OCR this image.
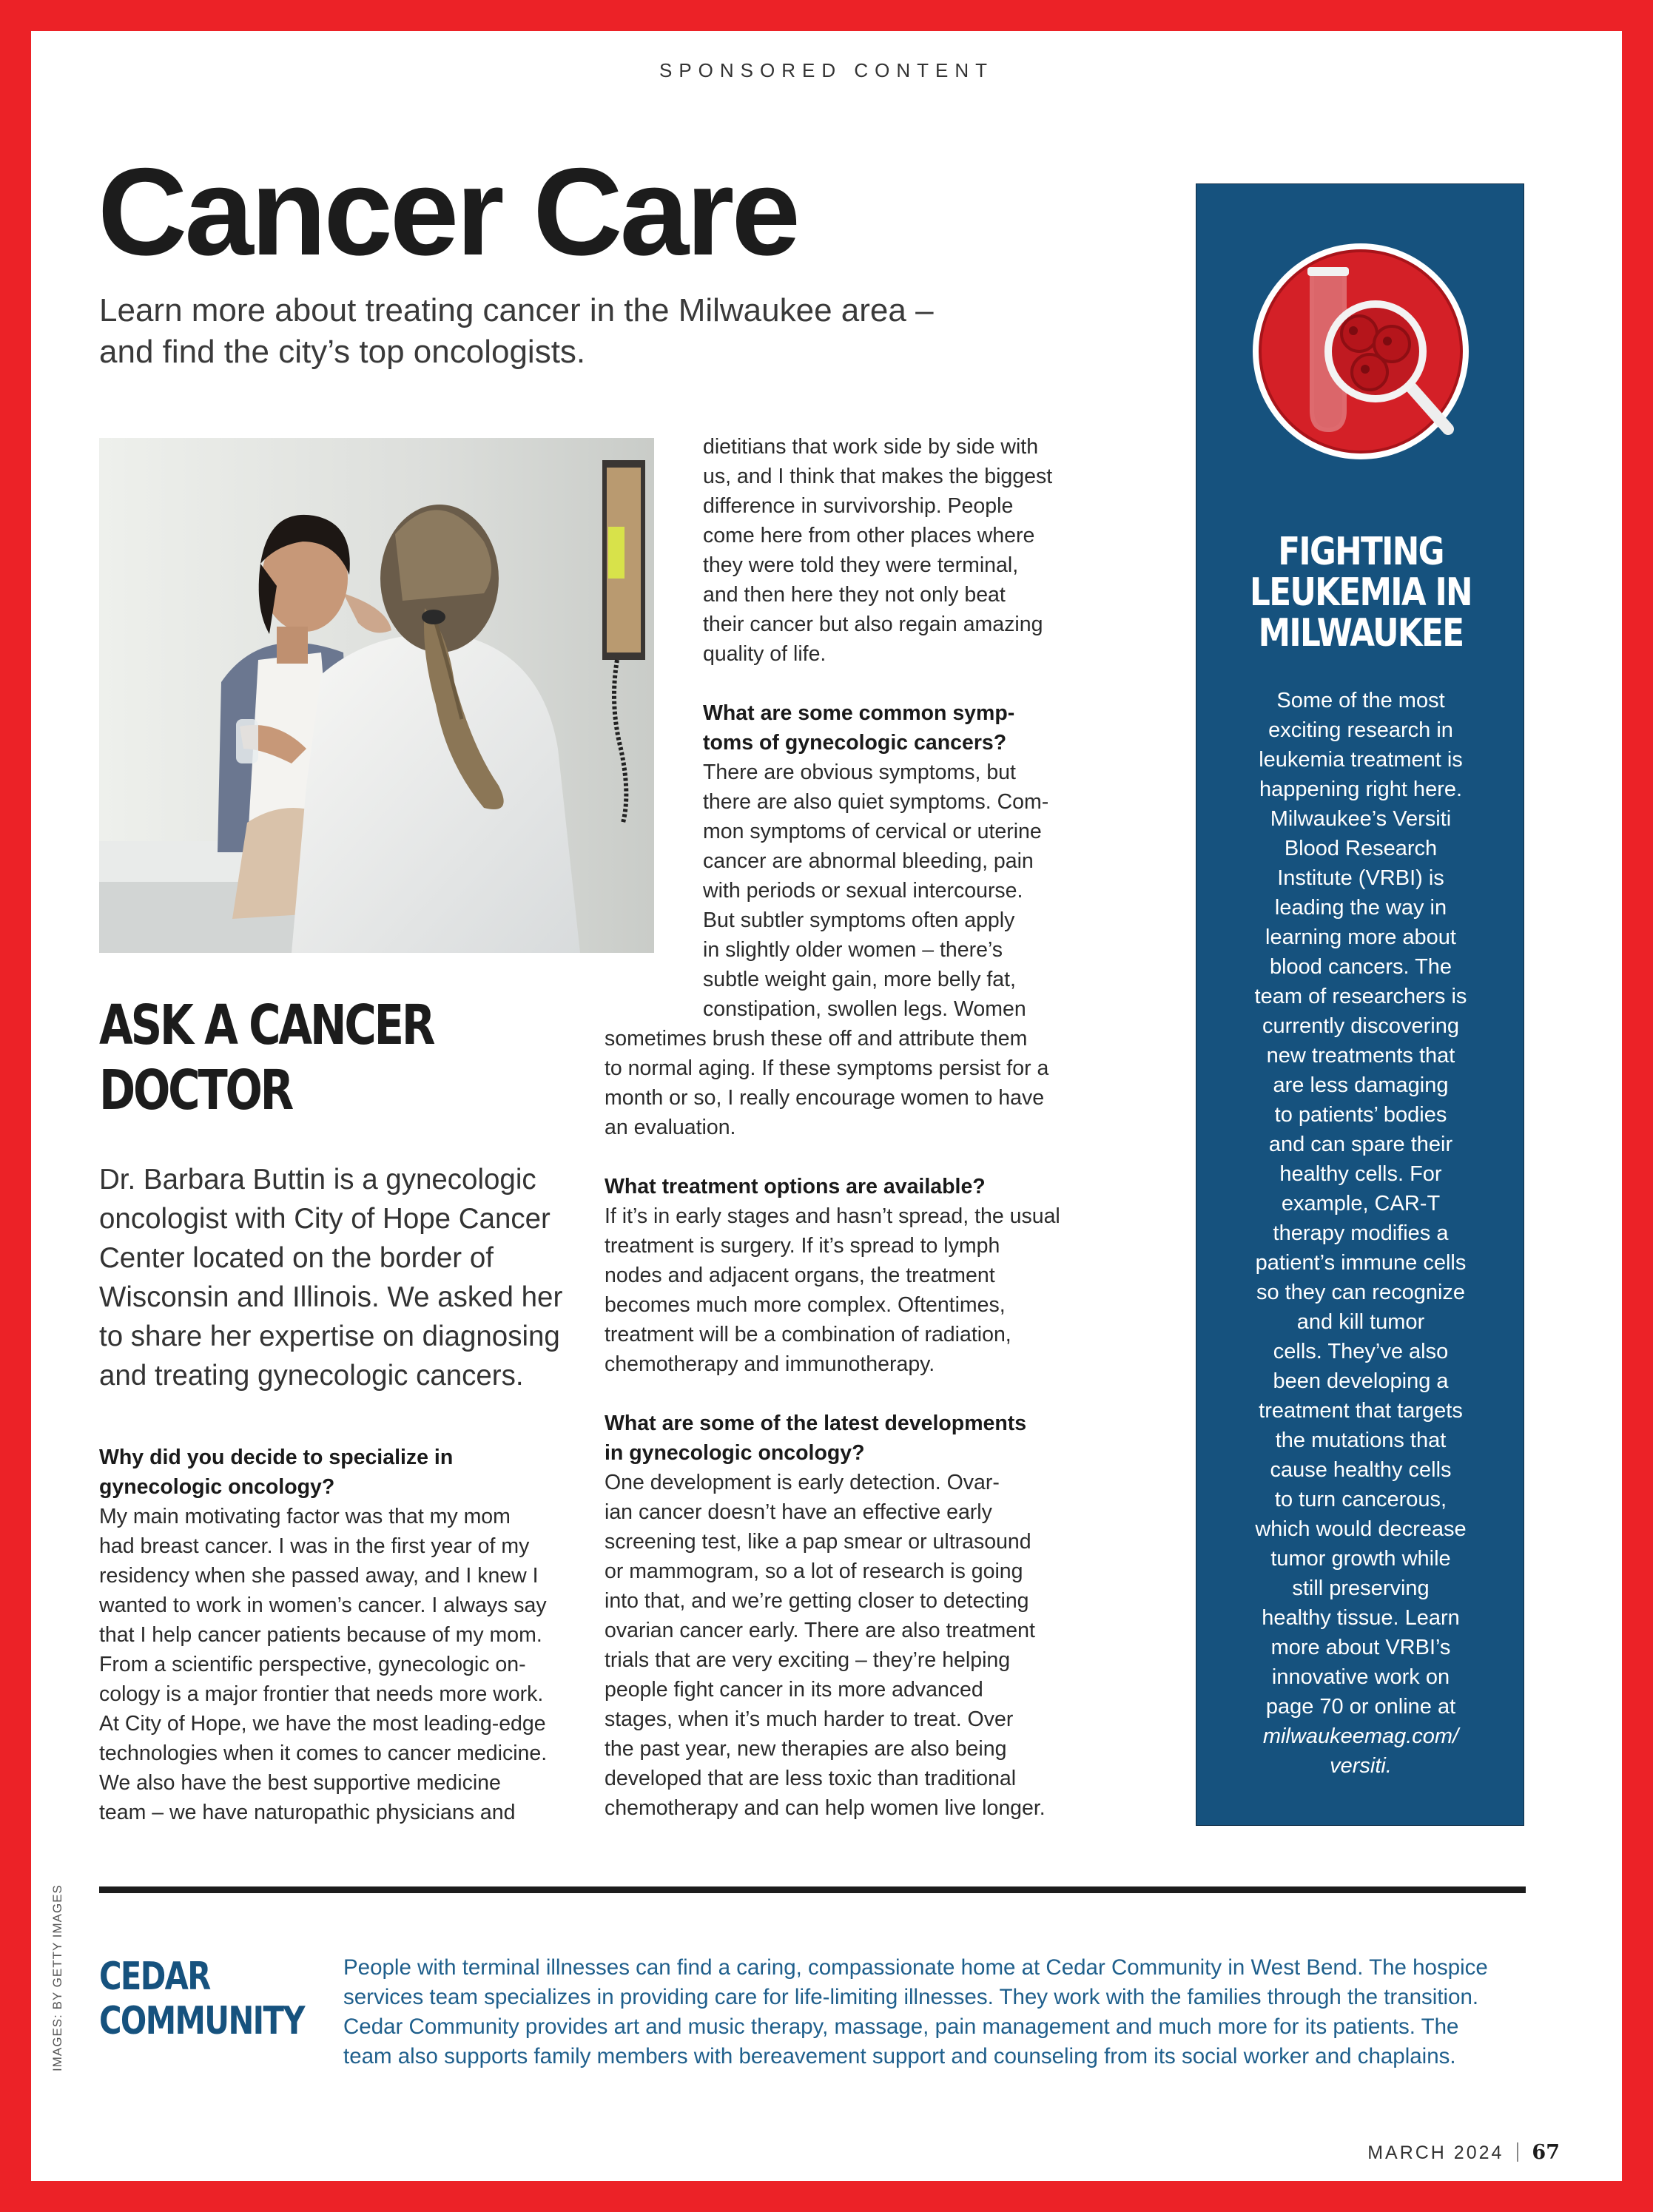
SPONSORED CONTENT
Cancer Care
Learn more about treating cancer in the Milwaukee area –
and find the city’s top oncologists.
ASK A CANCER
DOCTOR
Dr. Barbara Buttin is a gynecologic
oncologist with City of Hope Cancer
Center located on the border of
Wisconsin and Illinois. We asked her
to share her expertise on diagnosing
and treating gynecologic cancers.
Why did you decide to specialize in
gynecologic oncology?
My main motivating factor was that my mom
had breast cancer. I was in the first year of my
residency when she passed away, and I knew I
wanted to work in women’s cancer. I always say
that I help cancer patients because of my mom.
From a scientific perspective, gynecologic on-
cology is a major frontier that needs more work.
At City of Hope, we have the most leading-edge
technologies when it comes to cancer medicine.
We also have the best supportive medicine
team – we have naturopathic physicians and
dietitians that work side by side with
us, and I think that makes the biggest
difference in survivorship. People
come here from other places where
they were told they were terminal,
and then here they not only beat
their cancer but also regain amazing
quality of life.
What are some common symp-
toms of gynecologic cancers?
There are obvious symptoms, but
there are also quiet symptoms. Com-
mon symptoms of cervical or uterine
cancer are abnormal bleeding, pain
with periods or sexual intercourse.
But subtler symptoms often apply
in slightly older women – there’s
subtle weight gain, more belly fat,
constipation, swollen legs. Women
sometimes brush these off and attribute them
to normal aging. If these symptoms persist for a
month or so, I really encourage women to have
an evaluation.
What treatment options are available?
If it’s in early stages and hasn’t spread, the usual
treatment is surgery. If it’s spread to lymph
nodes and adjacent organs, the treatment
becomes much more complex. Oftentimes,
treatment will be a combination of radiation,
chemotherapy and immunotherapy.
What are some of the latest developments
in gynecologic oncology?
One development is early detection. Ovar-
ian cancer doesn’t have an effective early
screening test, like a pap smear or ultrasound
or mammogram, so a lot of research is going
into that, and we’re getting closer to detecting
ovarian cancer early. There are also treatment
trials that are very exciting – they’re helping
people fight cancer in its more advanced
stages, when it’s much harder to treat. Over
the past year, new therapies are also being
developed that are less toxic than traditional
chemotherapy and can help women live longer.
FIGHTING
LEUKEMIA IN
MILWAUKEE
Some of the most
exciting research in
leukemia treatment is
happening right here.
Milwaukee’s Versiti
Blood Research
Institute (VRBI) is
leading the way in
learning more about
blood cancers. The
team of researchers is
currently discovering
new treatments that
are less damaging
to patients’ bodies
and can spare their
healthy cells. For
example, CAR-T
therapy modifies a
patient’s immune cells
so they can recognize
and kill tumor
cells. They’ve also
been developing a
treatment that targets
the mutations that
cause healthy cells
to turn cancerous,
which would decrease
tumor growth while
still preserving
healthy tissue. Learn
more about VRBI’s
innovative work on
page 70 or online at
milwaukeemag.com/
versiti.
IMAGES: BY GETTY IMAGES CEDAR
COMMUNITY
People with terminal illnesses can find a caring, compassionate home at Cedar Community in West Bend. The hospice
services team specializes in providing care for life-limiting illnesses. They work with the families through the transition.
Cedar Community provides art and music therapy, massage, pain management and much more for its patients. The
team also supports family members with bereavement support and counseling from its social worker and chaplains.
MARCH 2024 67
